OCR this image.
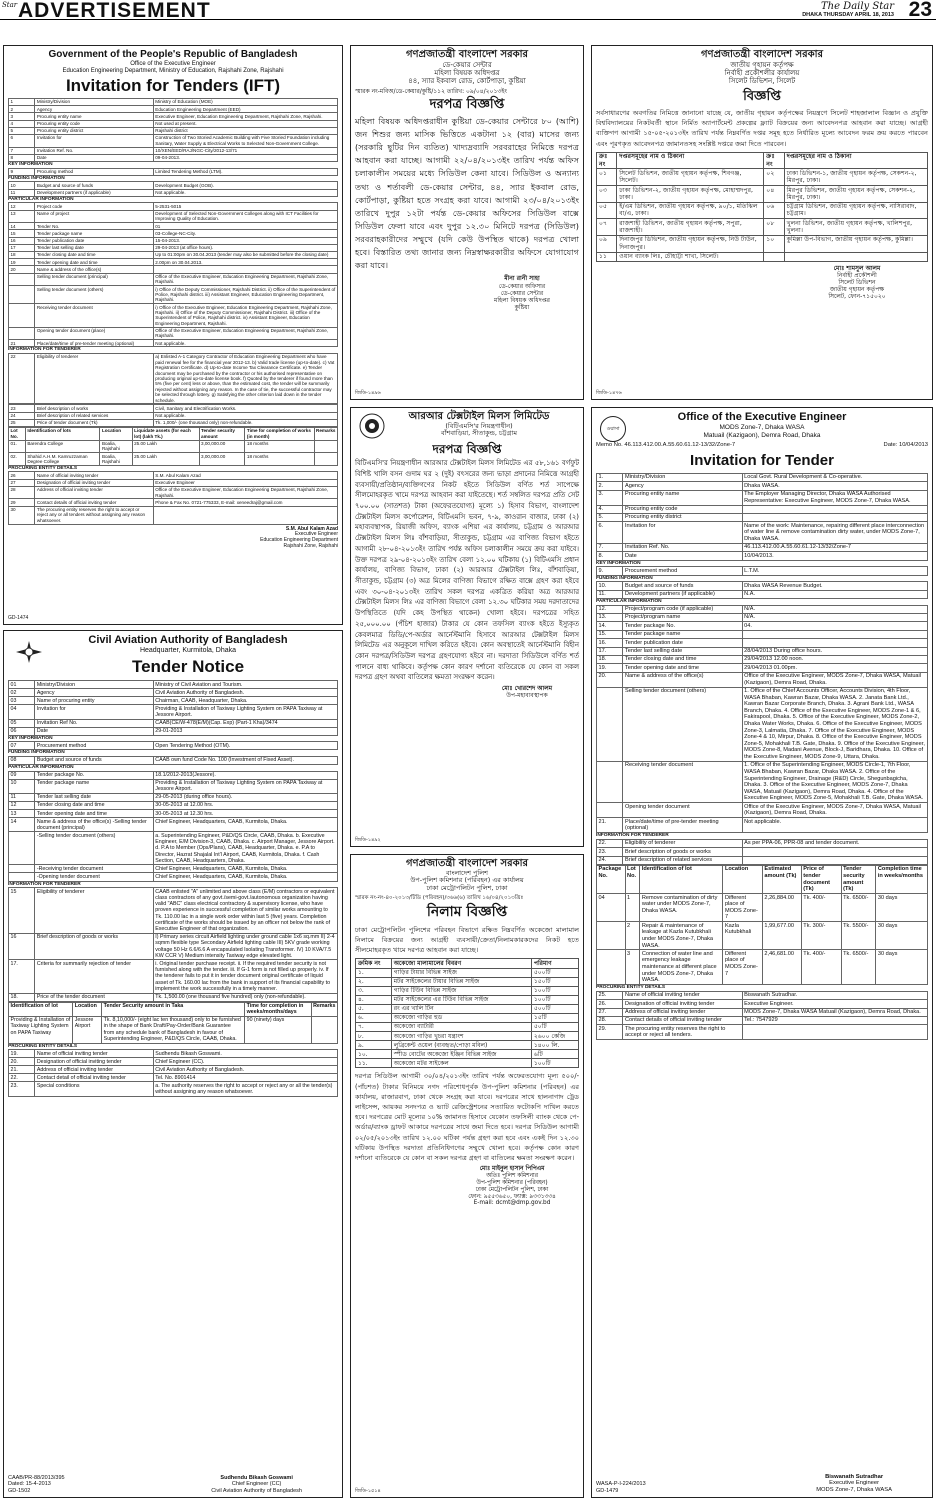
Star ADVERTISEMENT	The Daily Star
DHAKA THURSDAY APRIL 18, 2013 23
Government of the People's Republic of Bangladesh
Office of the Executive Engineer
Education Engineering Department, Ministry of Education, Rajshahi Zone, Rajshahi
Invitation for Tenders (IFT)
1	Ministry/Division	Ministry of Education (MOE)
2	Agency	Education Engineering Department (EED)
3	Procuring entity name	Executive Engineer, Education Engineering Department, Rajshahi Zone, Rajshahi.
4	Procuring entity code	Not used at present.
5	Procuring entity district	Rajshahi district
6	Invitation for	Construction of Two Storied Academic Building with Five Storied Foundation including Sanitary, Water Supply & Electrical Works to Selected Non-Government College.
7	Invitation Ref. No.	10/XEN/EED/RAJ/NGC-City/2012-13/71
8	Date	09-04-2013.
KEY INFORMATION
9	Procuring method	Limited Tendering Method (LTM).
FUNDING INFORMATION
10	Budget and source of funds	Development Budget (GOB).
11	Development partners (if applicable)	Not applicable.
PARTICULAR INFORMATION
12	Project code	5-2531-5015
13	Name of project	Development of Selected Non-Government Colleges along with ICT Facilities for Improving Quality of Education.
14	Tender No.	01
15	Tender package name	03-College-NC-City.
16	Tender publication date	15-04-2013.
17	Tender last selling date	29-04-2013 (at office hours).
18	Tender closing date and time	Up to 01:00pm on 30.04.2013 (tender may also be submitted before the closing date)
19	Tender opening date and time	2.00pm on 30.04.2013.
20	Name & address of the office(s)	
	Selling tender document (principal)	Office of the Executive Engineer, Education Engineering Department, Rajshahi Zone, Rajshahi.
	Selling tender document (others)	i) Office of the Deputy Commissioner, Rajshahi District. ii) Office of the Superintendent of Police, Rajshahi district. iii) Assistant Engineer, Education Engineering Department, Rajshahi.
	Receiving tender document	i) Office of the Executive Engineer, Education Engineering Department, Rajshahi Zone, Rajshahi. ii) Office of the Deputy Commissioner, Rajshahi District. iii) Office of the Superintendent of Police, Rajshahi district. iv) Assistant Engineer, Education Engineering Department, Rajshahi.
	Opening tender document (place)	Office of the Executive Engineer, Education Engineering Department, Rajshahi Zone, Rajshahi.
21	Place/date/time of pre-tender meeting (optional)	Not applicable.
INFORMATION FOR TENDERER
22	Eligibility of tenderer	a) Enlisted A-1 Category Contractor of Education Engineering Department who have paid renewal fee for the financial year 2012-13. b) Valid trade license (up-to-date). c) Vat Registration Certificate. d) Up-to-date Income Tax Clearance Certificate. e) Tender document may be purchased by the contractor or his authorised representative on producing original up-to-date license book. f) Quoted by the tenderer if found more than 5% (five per cent) less or above, than the estimated cost, the tender will be summarily rejected without assigning any reason. In the case of tie, the successful contractor may be selected through lottery. g) Satisfying the other criterion laid down in the tender schedule.
23	Brief description of works	Civil, Sanitary and Electrification Works.
24	Brief description of related services	Not applicable.
25	Price of tender document (Tk)	Tk. 1,000/- (one thousand only) non-refundable.
Lot No.	Identification of lots	Location	Liquidate assets (for each lot) (lakh Tk.)	Tender security amount	Time for completion of works (in month)	Remarks
01.	Barendra College	Boalia, Rajshahi	25.00 Lakh	3,00,000.00	18 months	
02.	Shahid A.H.M. Kamruzzaman Degree College	Boalia, Rajshahi	25.00 Lakh	3,00,000.00	18 months	
PROCURING ENTITY DETAILS
26	Name of official inviting tender	S.M. Abul Kalam Azad
27	Designation of official inviting tender	Executive Engineer
28	Address of official inviting tender	Office of the Executive Engineer, Education Engineering Department, Rajshahi Zone, Rajshahi.
29	Contact details of official inviting tender	Phone & Fax No. 0721-775333, E-mail: xeneedraj@gmail.com
30	The procuring entity reserves the right to accept or reject any or all tenders without assigning any reason whatsoever.	
S.M. Abul Kalam Azad
Executive Engineer
Education Engineering Department
Rajshahi Zone, Rajshahi
GD-1474
Civil Aviation Authority of Bangladesh
Headquarter, Kurmitola, Dhaka
Tender Notice
01	Ministry/Division	Ministry of Civil Aviation and Tourism.
02	Agency	Civil Aviation Authority of Bangladesh.
03	Name of procuring entity	Chairman, CAAB, Headquarter, Dhaka.
04	Invitation for	Providing & Installation of Taxiway Lighting System on PAPA Taxiway at Jessore Airport.
05	Invitation Ref No.	CAAB(CE/W-478(E/M)(Cap. Exp) (Part-1 Kha)/3474
06	Date	29-01-2013
KEY INFORMATION
07	Procurement method	Open Tendering Method (OTM).
FUNDING INFORMATION
08	Budget and source of funds	CAAB own fund Code No. 100 (Investment of Fixed Asset).
PARTICULAR INFORMATION
09	Tender package No.	18.1/2012-2013(Jessore).
10	Tender package name	Providing & Installation of Taxiway Lighting System on PAPA Taxiway at Jessore Airport.
11	Tender last selling date	29-05-2013 (during office hours).
12	Tender closing date and time	30-05-2013 at 12.00 hrs.
13	Tender opening date and time	30-05-2013 at 12.30 hrs.
14	Name & address of the office(s) -Selling tender document (principal)	Chief Engineer, Headquarters, CAAB, Kurmitola, Dhaka.
	-Selling tender document (others)	a. Superintending Engineer, P&D/QS Circle, CAAB, Dhaka. b. Executive Engineer, E/M Division-3, CAAB, Dhaka. c. Airport Manager, Jessore Airport. d. P.A to Member (Ops/Plans), CAAB, Headquarter, Dhaka. e. P.A to Director, Hazrat Shajalal Int'l Airport, CAAB, Kurmitola, Dhaka. f. Cash Section, CAAB, Headquarters, Dhaka.
	-Receiving tender document	Chief Engineer, Headquarters, CAAB, Kurmitola, Dhaka.
	-Opening tender document	Chief Engineer, Headquarters, CAAB, Kurmitola, Dhaka.
INFORMATION FOR TENDERER
15	Eligibility of tenderer	CAAB enlisted "A" unlimited and above class (E/M) contractors or equivalent class contractors of any govt./semi-govt./autonomous organization having valid "ABC" class electrical contractory & supervisory license, who have proven experience in successful completion of similar works amounting to Tk. 110.00 lac in a single work order within last 5 (five) years. Completion certificate of the works should be issued by an officer not below the rank of Executive Engineer of that organization.
16	Brief description of goods or works	I) Primary series circuit Airfield lighting under ground cable 1x6 sq.mm II) 2-4 sqmm flexible type Secondary Airfield lighting cable III) 5KV grade working voltage 50 Hz 6.6/6.6 A encapsulated Isolating Transformer. IV) 10 KVA/7.5 KW CCR V) Medium intensity Taxiway edge elevated light.
17.	Criteria for summarily rejection of tender	i. Original tender purchase receipt. ii. If the required tender security is not furnished along with the tender. iii. If G-1 form is not filled up properly. iv. If the tenderer fails to put it in tender document original certificate of liquid asset of Tk. 160.00 lac from the bank in support of its financial capability to implement the work successfully in a timely manner.
18.	Price of the tender document	Tk. 1,500.00 (one thousand five hundred) only (non-refundable).
Identification of lot	Location	Tender Security amount in Taka	Time for completion in weeks/months/days	Remarks
Providing & Installation of Taxiway Lighting System on PAPA Taxiway	Jessore Airport	Tk. 8,10,000/- (eight lac ten thousand) only to be furnished in the shape of Bank Draft/Pay-Order/Bank Guarantee from any schedule bank of Bangladesh in favour of Superintending Engineer, P&D/QS Circle, CAAB, Dhaka.	90 (ninety) days	
PROCURING ENTITY DETAILS
19.	Name of official inviting tender	Sudhendu Bikash Goswami.
20.	Designation of official inviting tender	Chief Engineer (CC).
21.	Address of official inviting tender	Civil Aviation Authority of Bangladesh.
22.	Contact detail of official inviting tender	Tel. No. 8901414
23.	Special conditions	a. The authority reserves the right to accept or reject any or all the tender(s) without assigning any reason whatsoever.
CAAB/PR-88/2013/395
Dated: 15-4-2013
GD-1502
Sudhendu Bikash Goswami
Chief Engineer (CC)
Civil Aviation Authority of Bangladesh
গণপ্রজাতন্ত্রী বাংলাদেশ সরকার
ডে-কেয়ার সেন্টার
মহিলা বিষয়ক অধিদপ্তর
৪৪, স্যার ইকবাল রোড, কোর্টপাড়া, কুষ্টিয়া
স্মারক নং-মবিঅ/ডে-কেয়ার/কুষ্টি/১১২ তারিখ: ০৯/০৪/২০১৩ইং
দরপত্র বিজ্ঞপ্তি
মহিলা বিষয়ক অধিদপ্তরাধীন কুষ্টিয়া ডে-কেয়ার সেন্টারে ৮০ (আশি) জন শিশুর জন্য মাসিক ভিত্তিতে একটানা ১২ (বার) মাসের জন্য (সরকারি ছুটির দিন ব্যতিত) খাদ্যদ্রব্যাদি সরবরাহের নিমিত্তে দরপত্র আহবান করা যাচ্ছে। আগামী ২২/০৪/২০১৩ইং তারিখ পর্যন্ত অফিস চলাকালীন সময়ের মধ্যে সিডিউল কেনা যাবে। সিডিউল ও অন্যান্য তথ্য ও শর্তাবলী ডে-কেয়ার সেন্টার, ৪৪, স্যার ইকবাল রোড, কোর্টপাড়া, কুষ্টিয়া হতে সংগ্রহ করা যাবে। আগামী ২৩/০৪/২০১৩ইং তারিখে দুপুর ১২টা পর্যন্ত ডে-কেয়ার অফিসের সিডিউল বাক্সে সিডিউল ফেলা যাবে এবং দুপুর ১২.৩০ মিনিটে দরপত্র (সিডিউল) সরবরাহকারীদের সম্মুখে (যদি কেউ উপস্থিত থাকে) দরপত্র খোলা হবে। বিস্তারিত তথ্য জানার জন্য নিম্নস্বাক্ষরকারীর অফিসে যোগাযোগ করা যাবে।
মীনা রানী সাহা
ডে-কেয়ার অফিসার
ডে-কেয়ার সেন্টার
মহিলা বিষয়ক অধিদপ্তর
কুষ্টিয়া
জিডি-১৪৯৬
আরআর টেক্সটাইল মিলস লিমিটেড
(বিটিএমসি'র নিয়ন্ত্রণাধীন)
বাঁশবাড়িয়া, সীতাকুন্ড, চট্টগ্রাম
দরপত্র বিজ্ঞপ্তি
বিটিএমসি'র নিয়ন্ত্রণাধীন আরআর টেক্সটাইল মিলস লিমিটেড এর ৫৮,১৬১ বর্গফুট বিশিষ্ট খালি বসন গুদাম ঘর ২ (দুই) বৎসরের জন্য ভাড়া প্রদানের নিমিত্তে আগ্রহী ব্যবসায়ী/প্রতিষ্ঠান/ব্যক্তিগণের নিকট হইতে সিডিউল বর্ণিত শর্ত সাপেক্ষে সীলমোহরকৃত খামে দরপত্র আহবান করা যাইতেছে। শর্ত সম্বলিত দরপত্র প্রতি সেট ৭০০.০০ (সাতশত) টাকা (অফেরতযোগ্য) মূল্যে ১) হিসাব বিভাগ, বাংলাদেশ টেক্সটাইল মিলস কর্পোরেশন, বিটিএমসি ভবন, ৭-৯, কাওরান বাজার, ঢাকা (২) মহাব্যবস্থাপক, রিয়াজী অফিস, ব্যাংক এশিয়া এর কার্যালয়, চট্টগ্রাম ও আরআর টেক্সটাইল মিলস লিঃ বাঁশবাড়িয়া, সীতাকুন্ড, চট্টগ্রাম এর বাণিজ্য বিভাগ হইতে আগামী ২৮-০৪-২০১৩ইং তারিখ পর্যন্ত অফিস চলাকালীন সময়ে ক্রয় করা যাইবে। উক্ত দরপত্র ২৯-০৪-২০১৩ইং তারিখ বেলা ১২.০০ ঘটিকায় (১) বিটিএমসি প্রধান কার্যালয়, বাণিজ্য বিভাগ, ঢাকা (২) আরআর টেক্সটাইল লিঃ, বাঁশবাড়িয়া, সীতাকুন্ড, চট্টগ্রাম (৩) অত্র মিলের বাণিজ্য বিভাগে রক্ষিত বাক্সে গ্রহণ করা হইবে এবং ৩০-০৪-২০১৩ইং তারিখ সকল দরপত্র একত্রিত করিয়া অত্র আরআর টেক্সটাইল মিলস লিঃ এর বাণিজ্য বিভাগে বেলা ১২.৩০ ঘটিকার সময় দরদাতাদের উপস্থিতিতে (যদি কেহ উপস্থিত থাকেন) খোলা হইবে। দরপত্রের সহিত ২৫,০০০.০০ (পঁচিশ হাজার) টাকার যে কোন তফসিল ব্যাংক হইতে ইস্যুকৃত কেবলমাত্র ডিডি/পে-অর্ডার আর্নেস্টমানি হিসাবে আরআর টেক্সটাইল মিলস লিমিটেড এর অনুকূলে দাখিল করিতে হইবে। কোন অবস্থাতেই আর্নেস্টমানি বিহীন কোন দরপত্র/সিডিউল দরপত্র গ্রহণযোগ্য হইবে না। দরদাতা সিডিউলে বর্ণিত শর্ত পালনে বাধ্য থাকিবে। কর্তৃপক্ষ কোন কারণ দর্শানো ব্যতিরেকে যে কোন বা সকল দরপত্র গ্রহণ অথবা বাতিলের ক্ষমতা সংরক্ষণ করেন।
মোঃ খোরশেদ আলম
উপ-মহাব্যবস্থাপক
জিডি-১৪৯২
গণপ্রজাতন্ত্রী বাংলাদেশ সরকার
বাংলাদেশ পুলিশ
উপ-পুলিশ কমিশনার (পরিবহন) এর কার্যালয়
ঢাকা মেট্রোপলিটন পুলিশ, ঢাকা
স্মারক নং-নং-৪০-২০১৩/টিডি (পরিবহন)/৩৬৬(৬) তারিখ ১৬/০৪/২০১৩খ্রিঃ
নিলাম বিজ্ঞপ্তি
ঢাকা মেট্রোপলিটন পুলিশের পরিবহন বিভাগে রক্ষিত নিম্নবর্ণিত অকেজো মালামাল নিলামে বিক্রয়ের জন্য আগ্রহী ব্যবসায়ী/ক্রেতা/নিলামকারকদের নিকট হতে সীলমোহরকৃত খামে দরপত্র আহবান করা যাচ্ছে।
ক্রমিক নং	অকেজো মালামালের বিবরণ	পরিমাণ
১.	গাড়ির টায়ার বিভিন্ন সাইজ	৫০০টি
২.	মটর সাইকেলের টায়ার বিভিন্ন সাইজ	১৫০টি
৩.	গাড়ির টিউব বিভিন্ন সাইজ	১০০টি
৪.	মটর সাইকেলের এর টিউব বিভিন্ন সাইজ	১০০টি
৫.	রং এর খালি টিন	৫০০টি
৬.	অকেজো গাড়ির হুড	১৫টি
৭.	অকেজো ব্যাটারী	৫০টি
৮.	অকেজো গাড়ির খুচরা যন্ত্রাংশ	২৬০০ কেজি
৯.	লুব্রিকেন্ট ওয়েল (ব্যবহৃত/পোড়া মবিল)	১৪০০ লি.
১০.	স্পীড বোটের অকেজো ইঞ্জিন বিভিন্ন সাইজ	৬টি
১১.	অকেজো মটর সাইকেল	১০০টি
দরপত্র সিডিউল আগামী ৩০/০৪/২০১৩ইং তারিখ পর্যন্ত অফেরতযোগ্য মূল্য ৫০০/- (পাঁচশত) টাকার বিনিময়ে নগদ পরিশোধপূর্বক উপ-পুলিশ কমিশনার (পরিবহন) এর কার্যালয়, রাজারবাগ, ঢাকা থেকে সংগ্রহ করা যাবে। দরপত্রের সাথে হালনাগাদ ট্রেড লাইসেন্স, আয়কর সনদপত্র ও ভ্যাট রেজিস্ট্রেশনের সত্যায়িত ফটোকপি দাখিল করতে হবে। দরপত্রের মোট মূল্যের ১০% জামানত হিসাবে যেকোন তফসিলী ব্যাংক থেকে পে-অর্ডার/ব্যাংক ড্রাফট আকারে দরপত্রের সাথে জমা দিতে হবে। দরপত্র সিডিউল আগামী ০২/০৫/২০১৩ইং তারিখ ১২.০০ ঘটিকা পর্যন্ত গ্রহণ করা হবে এবং একই দিন ১২.৩০ ঘটিকায় উপস্থিত দরদাতা প্রতিনিধিগণের সম্মুখে খোলা হবে। কর্তৃপক্ষ কোন কারণ দর্শানো ব্যতিরেকে যে কোন বা সকল দরপত্র গ্রহণ বা বাতিলের ক্ষমতা সংরক্ষণ করেন।
মোঃ মাইনুল হাসান পিপিএম
অতিঃ পুলিশ কমিশনার
উপ-পুলিশ কমিশনার (পরিবহন)
ঢাকা মেট্রোপলিটন পুলিশ, ঢাকা
ফোন: ৯৫৫৩৬৫০, ফ্যাক্স: ৯৩৩১৩৩৪
E-mail: dcmt@dmp.gov.bd
জিডি-১৫১৪
গণপ্রজাতন্ত্রী বাংলাদেশ সরকার
জাতীয় গৃহায়ন কর্তৃপক্ষ
নির্বাহী প্রকৌশলীর কার্যালয়
সিলেট ডিভিশন, সিলেট
বিজ্ঞপ্তি
সর্বসাধারণের অবগতির নিমিত্তে জানানো যাচ্ছে যে, জাতীয় গৃহায়ন কর্তৃপক্ষের নিয়ন্ত্রণে সিলেট শাহজালাল বিজ্ঞান ও প্রযুক্তি বিশ্ববিদ্যালয়ের নিকটবর্তী স্থানে নির্মিত অ্যাপার্টমেন্ট প্রকল্পের ফ্ল্যাট বিক্রয়ের জন্য আবেদনপত্র আহবান করা যাচ্ছে। আগ্রহী ব্যক্তিগণ আগামী ১৫-০৫-২০১৩ইং তারিখ পর্যন্ত নিম্নবর্ণিত দপ্তর সমূহ হতে নির্ধারিত মূল্যে আবেদন ফরম ক্রয় করতে পারবেন এবং পূরণকৃত আবেদনপত্র জামানতসহ সংশ্লিষ্ট দপ্তরে জমা দিতে পারবেন।
ক্রঃ নং	দপ্তরসমূহের নাম ও ঠিকানা	ক্রঃ নং	দপ্তরসমূহের নাম ও ঠিকানা
০১	সিলেট ডিভিশন, জাতীয় গৃহায়ন কর্তৃপক্ষ, শিবগঞ্জ, সিলেট।	০২	ঢাকা ডিভিশন-১, জাতীয় গৃহায়ন কর্তৃপক্ষ, সেকশন-২, মিরপুর, ঢাকা।
০৩	ঢাকা ডিভিশন-২, জাতীয় গৃহায়ন কর্তৃপক্ষ, মোহাম্মদপুর, ঢাকা।	০৪	মিরপুর ডিভিশন, জাতীয় গৃহায়ন কর্তৃপক্ষ, সেকশন-২, মিরপুর, ঢাকা।
০৫	ই/এম ডিভিশন, জাতীয় গৃহায়ন কর্তৃপক্ষ, ৯০/১, মতিঝিল বা/এ, ঢাকা।	০৬	চট্টগ্রাম ডিভিশন, জাতীয় গৃহায়ন কর্তৃপক্ষ, নাসিরাবাদ, চট্টগ্রাম।
০৭	রাজশাহী ডিভিশন, জাতীয় গৃহায়ন কর্তৃপক্ষ, সপুরা, রাজশাহী।	০৮	খুলনা ডিভিশন, জাতীয় গৃহায়ন কর্তৃপক্ষ, খালিশপুর, খুলনা।
০৯	দিনাজপুর ডিভিশন, জাতীয় গৃহায়ন কর্তৃপক্ষ, নিউ টাউন, দিনাজপুর।	১০	কুমিল্লা উপ-বিভাগ, জাতীয় গৃহায়ন কর্তৃপক্ষ, কুমিল্লা।
১১	ওয়ান ব্যাংক লিঃ, চৌহাট্টা শাখা, সিলেট।		
মোঃ শামসুল আলম
নির্বাহী প্রকৌশলী
সিলেট ডিভিশন
জাতীয় গৃহায়ন কর্তৃপক্ষ
সিলেট, ফোন-৭১৫০২০
জিডি-১৪৭৬
ওয়াসা
Office of the Executive Engineer
MODS Zone-7, Dhaka WASA
Matuail (Kazigaon), Demra Road, Dhaka
Memo No. 46.113.412.00.A.55.60.61.12-13/32/Zone-7	Date: 10/04/2013
Invitation for Tender
1.	Ministry/Division	Local Govt. Rural Development & Co-operative.
2.	Agency	Dhaka WASA.
3.	Procuring entity name	The Employer Managing Director, Dhaka WASA Authorised Representative: Executive Engineer, MODS Zone-7, Dhaka WASA.
4.	Procuring entity code	
5.	Procuring entity district	
6.	Invitation for	Name of the work: Maintenance, repairing different place interconnection of water line & remove contamination dirty water, under MODS Zone-7, Dhaka WASA.
7.	Invitation Ref. No.	46.113.412.00.A.55.60.61.12-13/32/Zone-7
8.	Date	10/04/2013.
KEY INFORMATION
9.	Procurement method	L.T.M.
FUNDING INFORMATION
10.	Budget and source of funds	Dhaka WASA Revenue Budget.
11.	Development partners (if applicable)	N.A.
PARTICULAR INFORMATION
12.	Project/program code (if applicable)	N/A.
13.	Project/program name	N/A.
14.	Tender package No.	04.
15.	Tender package name	
16.	Tender publication date	
17.	Tender last selling date	28/04/2013 During office hours.
18.	Tender closing date and time	29/04/2013 12.00 noon.
19.	Tender opening date and time	29/04/2013 01.00pm.
20.	Name & address of the office(s)	Office of the Executive Engineer, MODS Zone-7, Dhaka WASA, Matuail (Kazigaon), Demra Road, Dhaka.
	Selling tender document (others)	1. Office of the Chief Accounts Officer, Accounts Division, 4th Floor, WASA Bhaban, Kawran Bazar, Dhaka WASA. 2. Janata Bank Ltd., Kawran Bazar Corporate Branch, Dhaka. 3. Agrani Bank Ltd., WASA Branch, Dhaka. 4. Office of the Executive Engineer, MODS Zone-1 & 6, Fakirapool, Dhaka. 5. Office of the Executive Engineer, MODS Zone-2, Dhaka Water Works, Dhaka. 6. Office of the Executive Engineer, MODS Zone-3, Lalmatia, Dhaka. 7. Office of the Executive Engineer, MODS Zone-4 & 10, Mirpur, Dhaka. 8. Office of the Executive Engineer, MODS Zone-5, Mohakhali T.B. Gate, Dhaka. 9. Office of the Executive Engineer, MODS Zone-8, Madani Avenue, Block-J, Baridhara, Dhaka. 10. Office of the Executive Engineer, MODS Zone-9, Uttara, Dhaka.
	Receiving tender document	1. Office of the Superintending Engineer, MODS Circle-1, 7th Floor, WASA Bhaban, Kawran Bazar, Dhaka WASA. 2. Office of the Superintending Engineer, Drainage (R&D) Circle, Shegunbagicha, Dhaka. 3. Office of the Executive Engineer, MODS Zone-7, Dhaka WASA, Matuail (Kazigaon), Demra Road, Dhaka. 4. Office of the Executive Engineer, MODS Zone-5, Mohakhali T.B. Gate, Dhaka WASA.
	Opening tender document	Office of the Executive Engineer, MODS Zone-7, Dhaka WASA, Matuail (Kazigaon), Demra Road, Dhaka.
21.	Place/date/time of pre-tender meeting (optional)	Not applicable.
INFORMATION FOR TENDERER
22.	Eligibility of tenderer	As per PPA-06, PPR-08 and tender document.
23.	Brief description of goods or works	
24.	Brief description of related services	
Package No.	Lot No.	Identification of lot	Location	Estimated amount (Tk)	Price of tender document (Tk)	Tender security amount (Tk)	Completion time in weeks/months
04	1	Remove contamination of dirty water under MODS Zone-7, Dhaka WASA.	Different place of MODS Zone-7	2,26,884.00	Tk. 400/-	Tk. 6500/-	30 days
	2	Repair & maintenance of leakage at Kazla Kutubkhali under MODS Zone-7, Dhaka WASA.	Kazla Kutubkhali	1,99,677.00	Tk. 300/-	Tk. 5500/-	30 days
	3	Connection of water line and emergency leakage maintenance at different place under MODS Zone-7, Dhaka WASA.	Different place of MODS Zone-7	2,46,681.00	Tk. 400/-	Tk. 6500/-	30 days
PROCURING ENTITY DETAILS
25.	Name of official inviting tender	Biswanath Sutradhar.
26.	Designation of official inviting tender	Executive Engineer.
27.	Address of official inviting tender	MODS Zone-7, Dhaka WASA Matuail (Kazigaon), Demra Road, Dhaka.
28.	Contact details of official inviting tender	Tel.: 7547929
29.	The procuring entity reserves the right to accept or reject all tenders.	
WASA-P-I-224/2013
GD-1479
Biswanath Sutradhar
Executive Engineer
MODS Zone-7, Dhaka WASA
